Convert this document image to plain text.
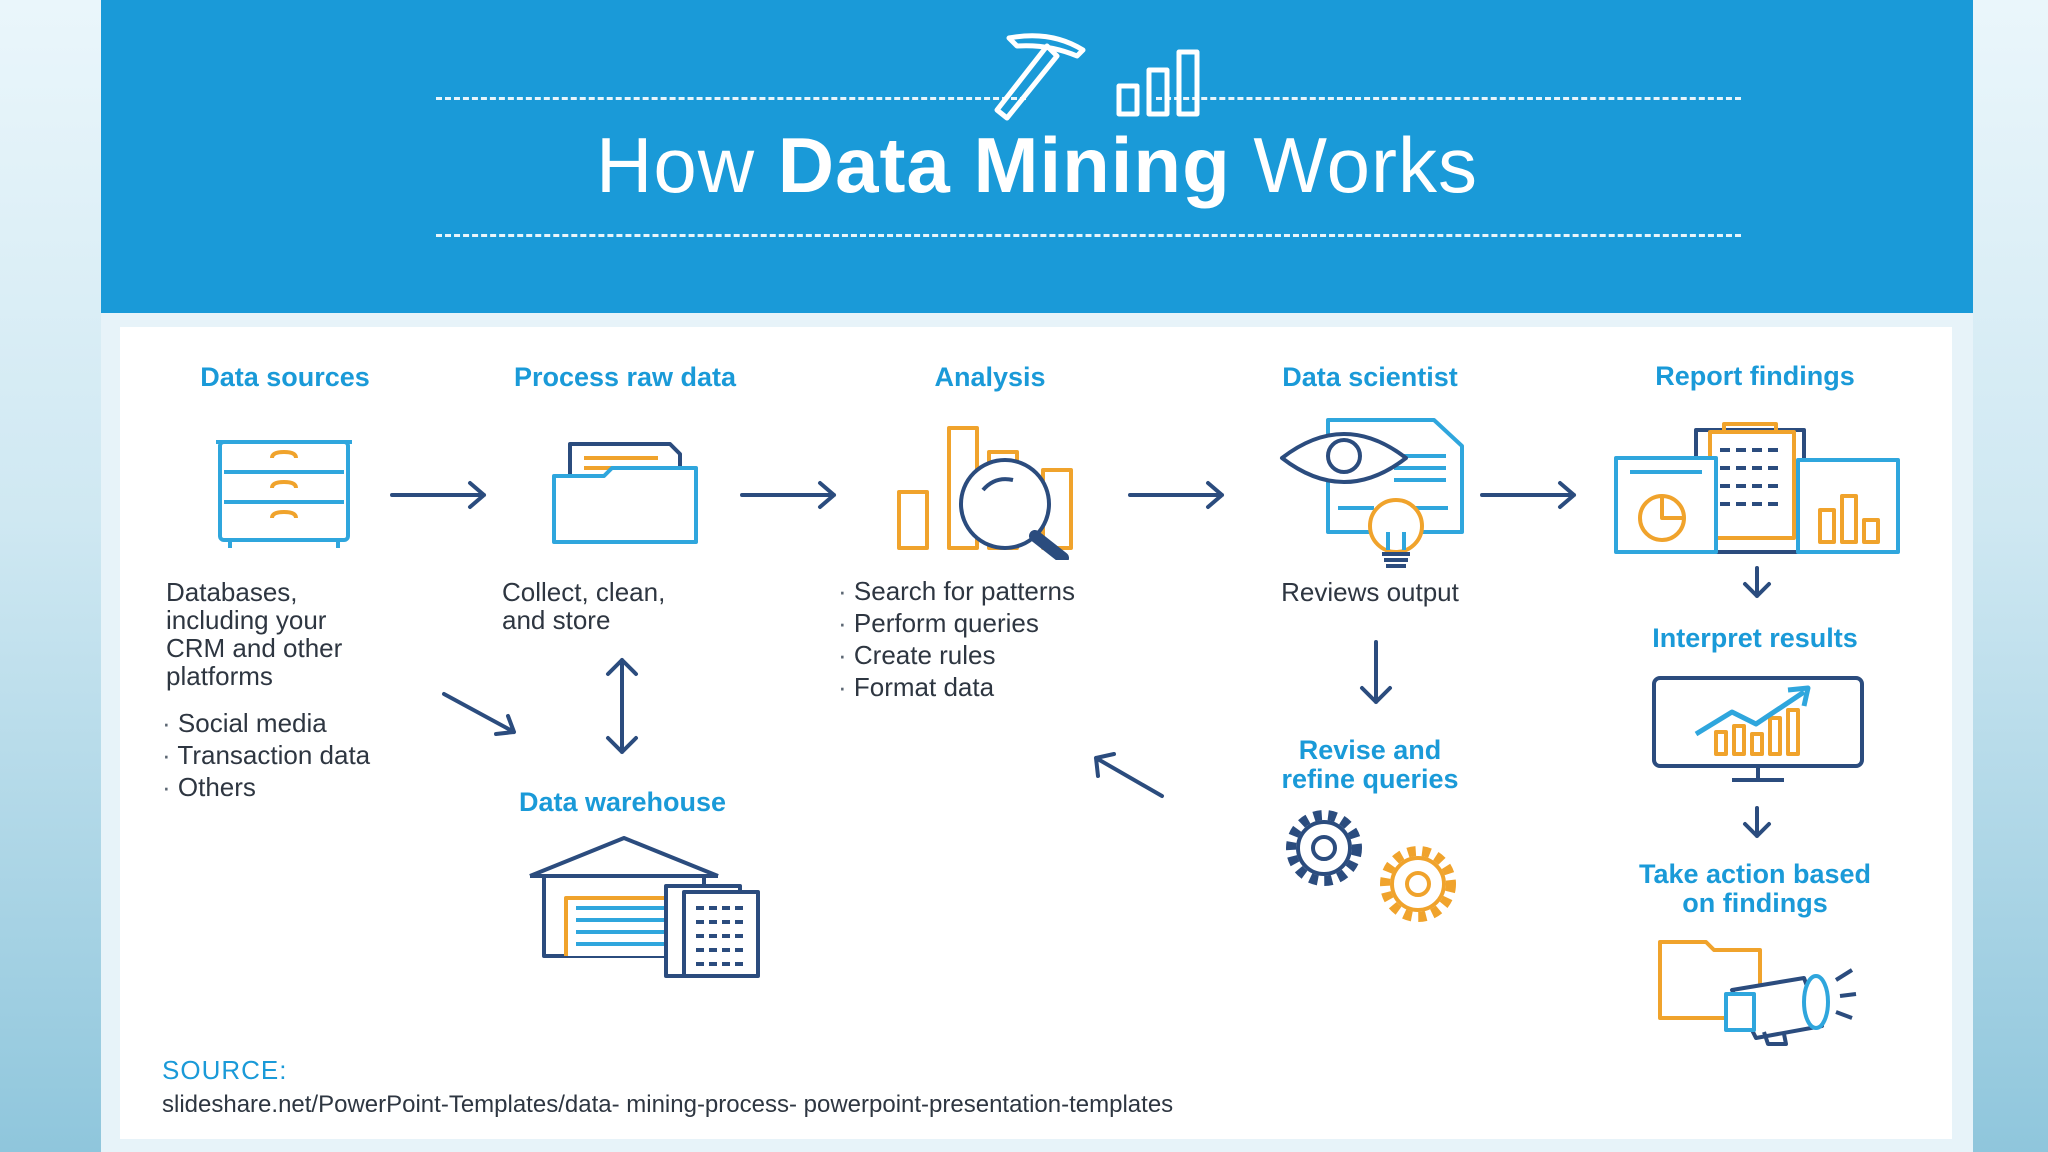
How Data Mining Works
Data sources	Process raw data	Analysis	Data scientist	Report findings
Interpret results
Take action based
on findings
Revise and
refine queries
Data warehouse
Databases,
including your
CRM and other
platforms
· Social media
· Transaction data
· Others
Collect, clean,
and store
· Search for patterns
· Perform queries
· Create rules
· Format data
Reviews output
SOURCE:
slideshare.net/PowerPoint-Templates/data- mining-process- powerpoint-presentation-templates
